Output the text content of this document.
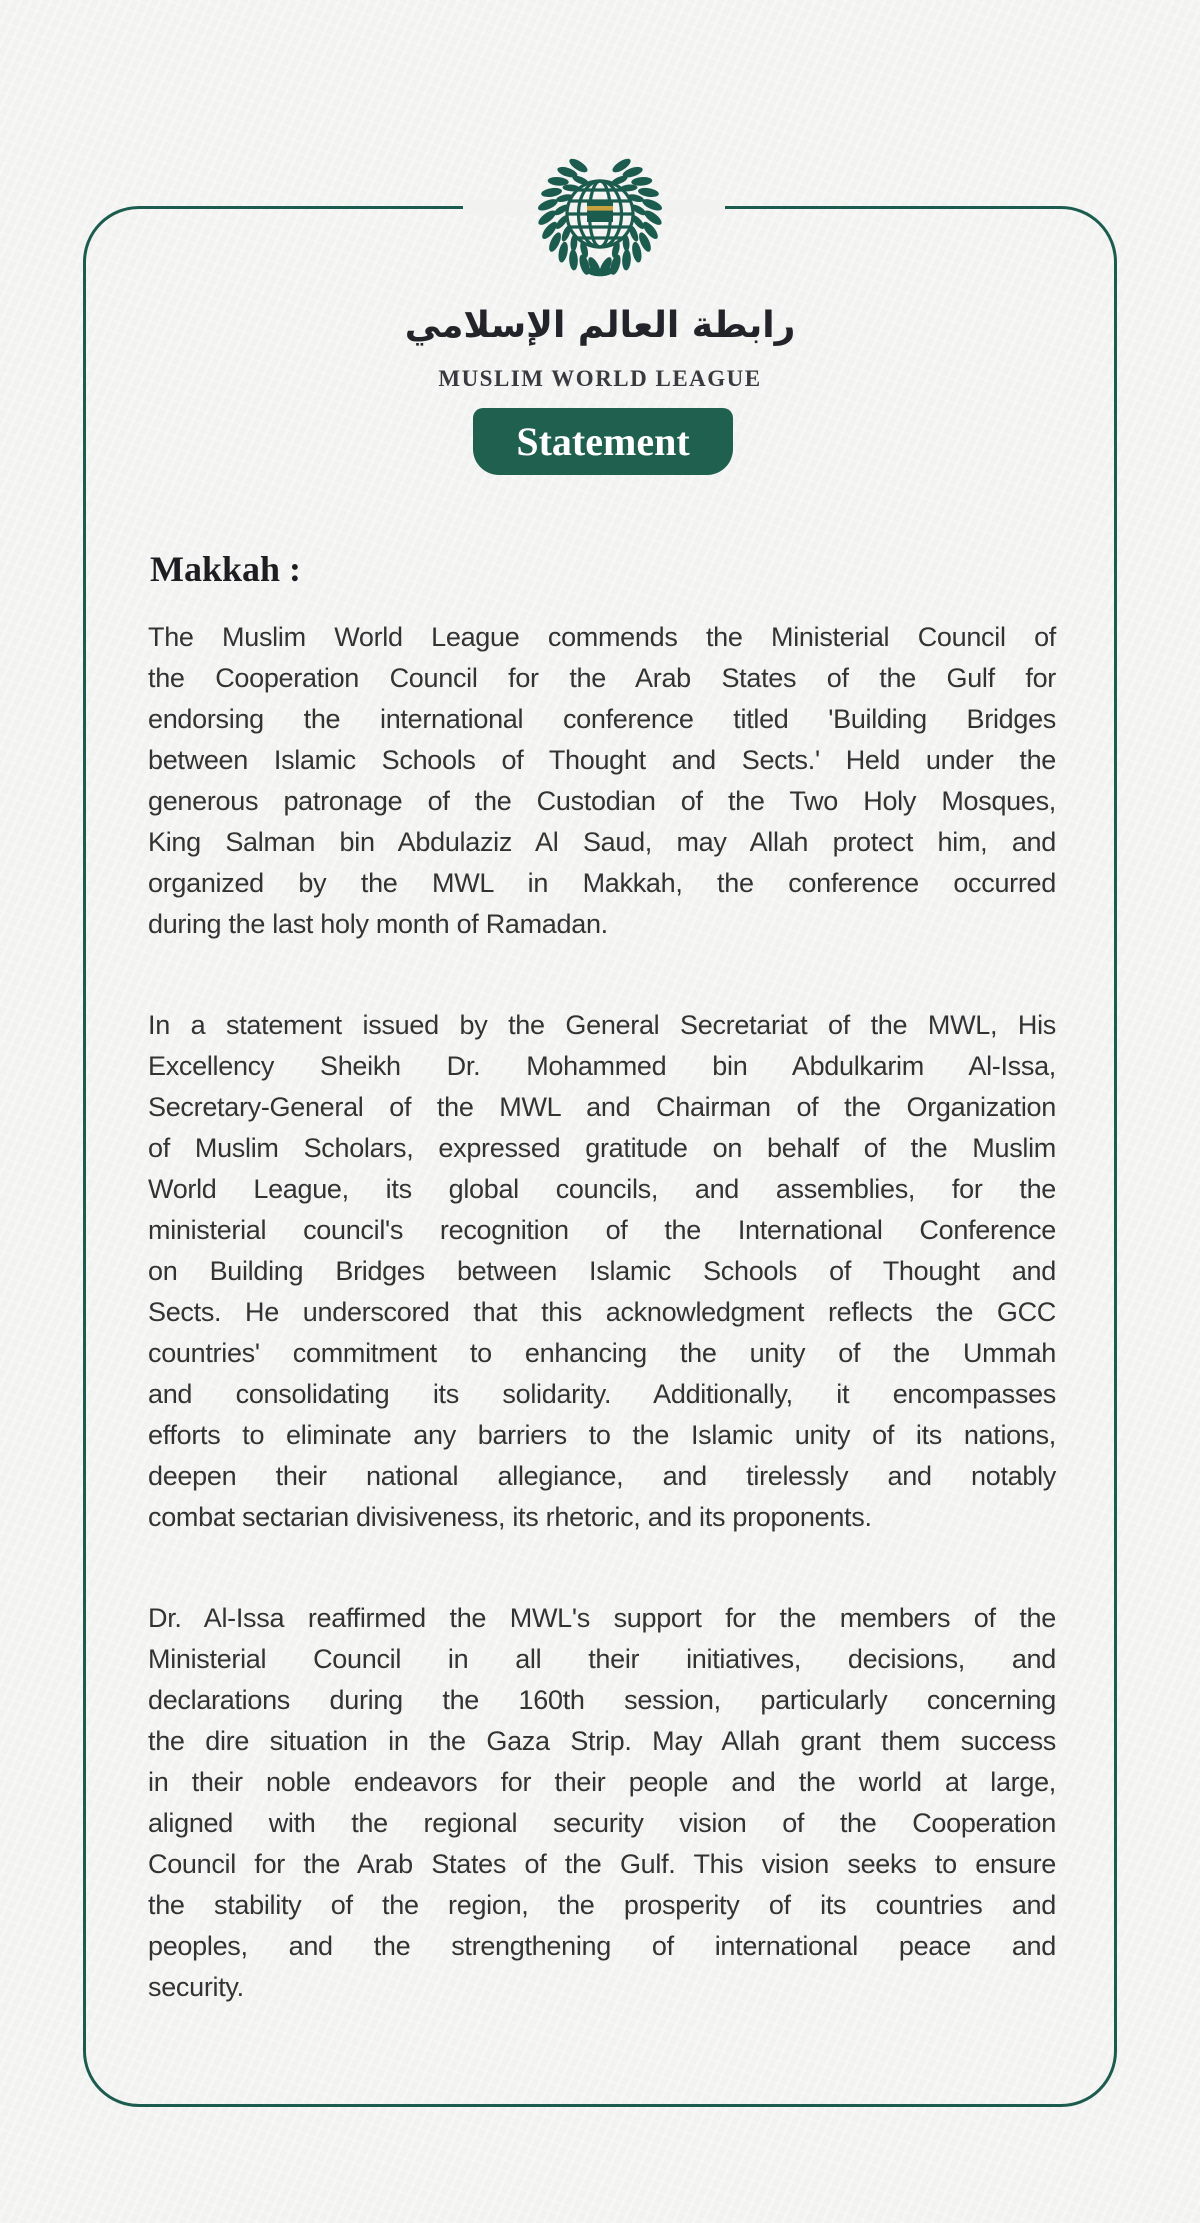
رابطة العالم الإسلامي
MUSLIM WORLD LEAGUE
Statement
Makkah :
The Muslim World League commends the Ministerial Council of
the Cooperation Council for the Arab States of the Gulf for
endorsing the international conference titled 'Building Bridges
between Islamic Schools of Thought and Sects.' Held under the
generous patronage of the Custodian of the Two Holy Mosques,
King Salman bin Abdulaziz Al Saud, may Allah protect him, and
organized by the MWL in Makkah, the conference occurred
during the last holy month of Ramadan.
In a statement issued by the General Secretariat of the MWL, His
Excellency Sheikh Dr. Mohammed bin Abdulkarim Al-Issa,
Secretary-General of the MWL and Chairman of the Organization
of Muslim Scholars, expressed gratitude on behalf of the Muslim
World League, its global councils, and assemblies, for the
ministerial council's recognition of the International Conference
on Building Bridges between Islamic Schools of Thought and
Sects. He underscored that this acknowledgment reflects the GCC
countries' commitment to enhancing the unity of the Ummah
and consolidating its solidarity. Additionally, it encompasses
efforts to eliminate any barriers to the Islamic unity of its nations,
deepen their national allegiance, and tirelessly and notably
combat sectarian divisiveness, its rhetoric, and its proponents.
Dr. Al-Issa reaffirmed the MWL's support for the members of the
Ministerial Council in all their initiatives, decisions, and
declarations during the 160th session, particularly concerning
the dire situation in the Gaza Strip. May Allah grant them success
in their noble endeavors for their people and the world at large,
aligned with the regional security vision of the Cooperation
Council for the Arab States of the Gulf. This vision seeks to ensure
the stability of the region, the prosperity of its countries and
peoples, and the strengthening of international peace and
security.
